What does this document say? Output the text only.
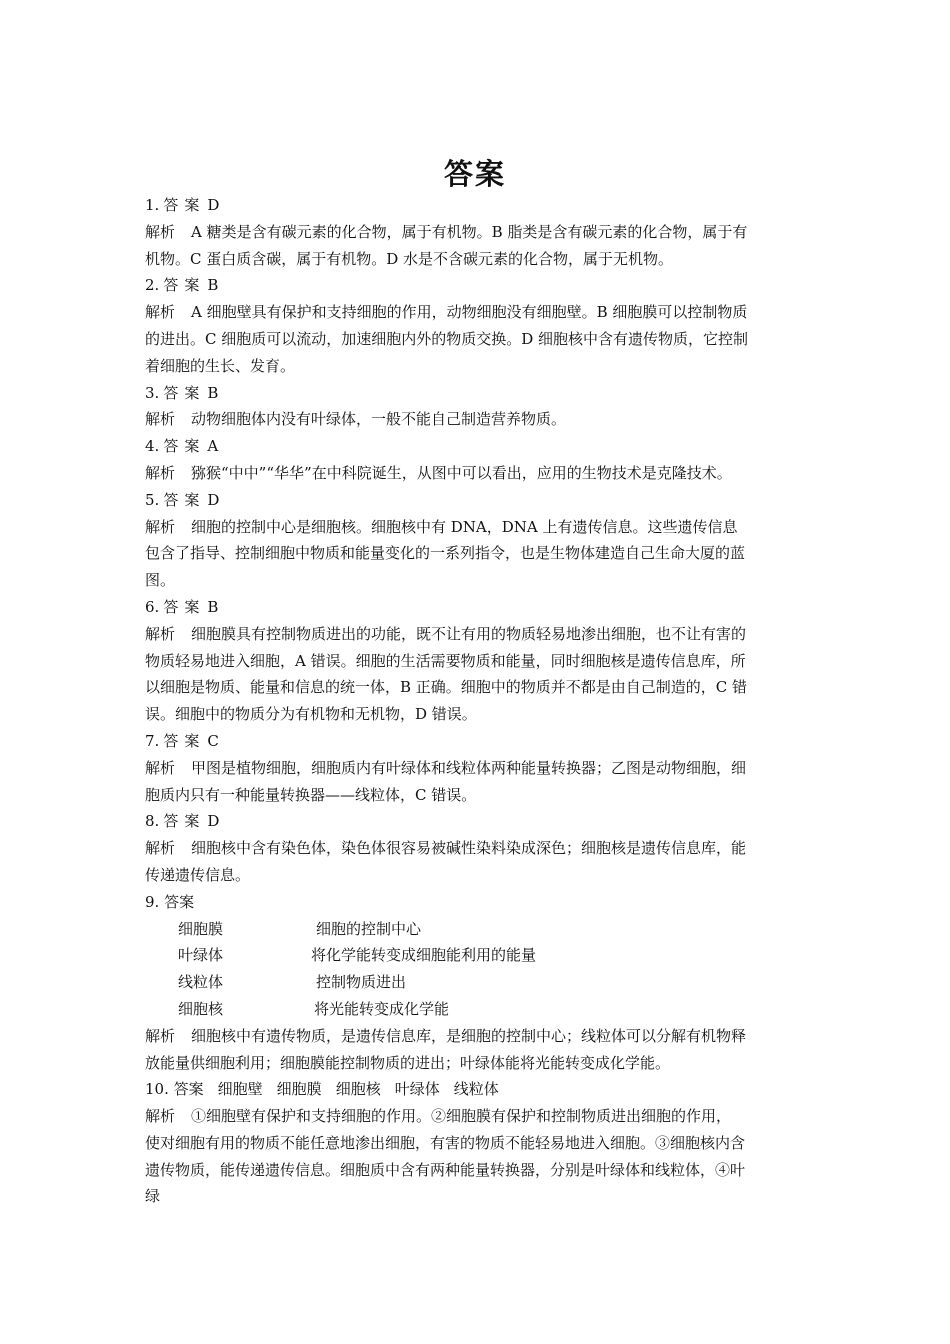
答案
1. 答案 D
解析 A 糖类是含有碳元素的化合物，属于有机物。B 脂类是含有碳元素的化合物，属于有
机物。C 蛋白质含碳，属于有机物。D 水是不含碳元素的化合物，属于无机物。
2. 答案 B
解析 A 细胞壁具有保护和支持细胞的作用，动物细胞没有细胞壁。B 细胞膜可以控制物质
的进出。C 细胞质可以流动，加速细胞内外的物质交换。D 细胞核中含有遗传物质，它控制
着细胞的生长、发育。
3. 答案 B
解析 动物细胞体内没有叶绿体，一般不能自己制造营养物质。
4. 答案 A
解析 猕猴“中中”“华华”在中科院诞生，从图中可以看出，应用的生物技术是克隆技术。
5. 答案 D
解析 细胞的控制中心是细胞核。细胞核中有 DNA，DNA 上有遗传信息。这些遗传信息
包含了指导、控制细胞中物质和能量变化的一系列指令，也是生物体建造自己生命大厦的蓝
图。
6. 答案 B
解析 细胞膜具有控制物质进出的功能，既不让有用的物质轻易地渗出细胞，也不让有害的
物质轻易地进入细胞，A 错误。细胞的生活需要物质和能量，同时细胞核是遗传信息库，所
以细胞是物质、能量和信息的统一体，B 正确。细胞中的物质并不都是由自己制造的，C 错
误。细胞中的物质分为有机物和无机物，D 错误。
7. 答案 C
解析 甲图是植物细胞，细胞质内有叶绿体和线粒体两种能量转换器；乙图是动物细胞，细
胞质内只有一种能量转换器——线粒体，C 错误。
8. 答案 D
解析 细胞核中含有染色体，染色体很容易被碱性染料染成深色；细胞核是遗传信息库，能
传递遗传信息。
9. 答案
细胞膜	细胞的控制中心
叶绿体	将化学能转变成细胞能利用的能量
线粒体	控制物质进出
细胞核	将光能转变成化学能
解析 细胞核中有遗传物质，是遗传信息库，是细胞的控制中心；线粒体可以分解有机物释
放能量供细胞利用；细胞膜能控制物质的进出；叶绿体能将光能转变成化学能。
10. 答案 细胞壁 细胞膜 细胞核 叶绿体 线粒体
解析 ①细胞壁有保护和支持细胞的作用。②细胞膜有保护和控制物质进出细胞的作用，
使对细胞有用的物质不能任意地渗出细胞，有害的物质不能轻易地进入细胞。③细胞核内含
遗传物质，能传递遗传信息。细胞质中含有两种能量转换器，分别是叶绿体和线粒体，④叶
绿
